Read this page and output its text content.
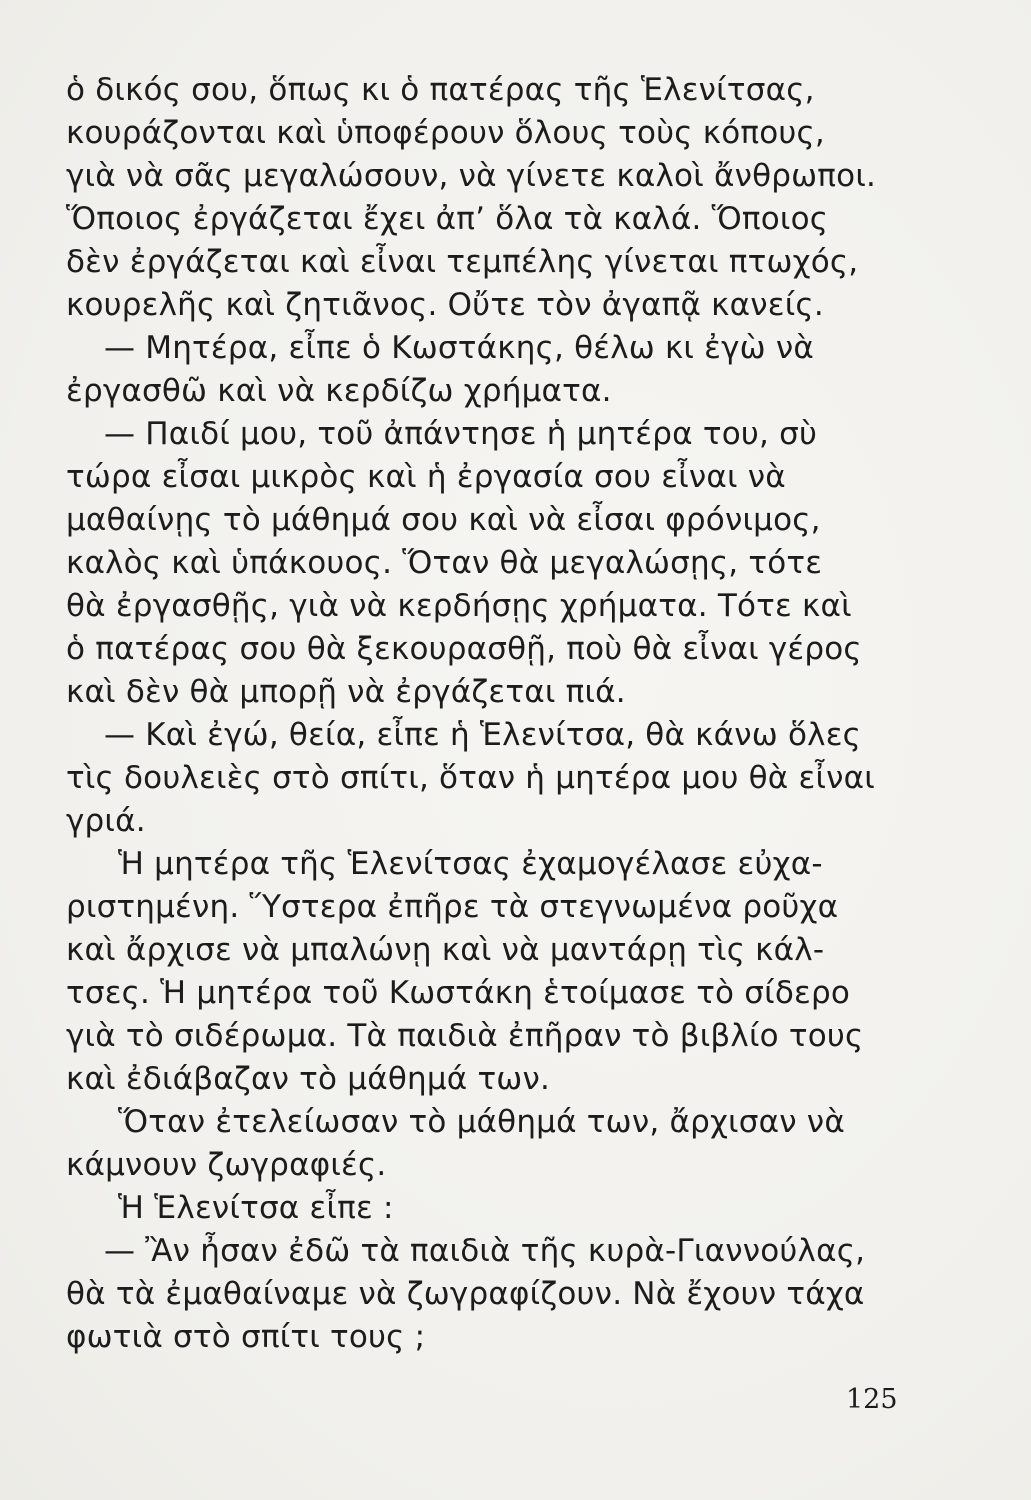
ὁ δικός σου, ὅπως κι ὁ πατέρας τῆς Ἑλενίτσας,
κουράζονται καὶ ὑποφέρουν ὅλους τοὺς κόπους,
γιὰ νὰ σᾶς μεγαλώσουν, νὰ γίνετε καλοὶ ἄνθρωποι.
Ὅποιος ἐργάζεται ἔχει ἀπ’ ὅλα τὰ καλά. Ὅποιος
δὲν ἐργάζεται καὶ εἶναι τεμπέλης γίνεται πτωχός,
κουρελῆς καὶ ζητιᾶνος. Οὔτε τὸν ἀγαπᾷ κανείς.
— Μητέρα, εἶπε ὁ Κωστάκης, θέλω κι ἐγὼ νὰ
ἐργασθῶ καὶ νὰ κερδίζω χρήματα.
— Παιδί μου, τοῦ ἀπάντησε ἡ μητέρα του, σὺ
τώρα εἶσαι μικρὸς καὶ ἡ ἐργασία σου εἶναι νὰ
μαθαίνῃς τὸ μάθημά σου καὶ νὰ εἶσαι φρόνιμος,
καλὸς καὶ ὑπάκουος. Ὅταν θὰ μεγαλώσῃς, τότε
θὰ ἐργασθῇς, γιὰ νὰ κερδήσῃς χρήματα. Τότε καὶ
ὁ πατέρας σου θὰ ξεκουρασθῇ, ποὺ θὰ εἶναι γέρος
καὶ δὲν θὰ μπορῇ νὰ ἐργάζεται πιά.
— Καὶ ἐγώ, θεία, εἶπε ἡ Ἑλενίτσα, θὰ κάνω ὅλες
τὶς δουλειὲς στὸ σπίτι, ὅταν ἡ μητέρα μου θὰ εἶναι
γριά.
Ἡ μητέρα τῆς Ἑλενίτσας ἐχαμογέλασε εὐχα-
ριστημένη. Ὕστερα ἐπῆρε τὰ στεγνωμένα ροῦχα
καὶ ἄρχισε νὰ μπαλώνῃ καὶ νὰ μαντάρῃ τὶς κάλ-
τσες. Ἡ μητέρα τοῦ Κωστάκη ἑτοίμασε τὸ σίδερο
γιὰ τὸ σιδέρωμα. Τὰ παιδιὰ ἐπῆραν τὸ βιβλίο τους
καὶ ἐδιάβαζαν τὸ μάθημά των.
Ὅταν ἐτελείωσαν τὸ μάθημά των, ἄρχισαν νὰ
κάμνουν ζωγραφιές.
Ἡ Ἑλενίτσα εἶπε :
— Ἂν ἦσαν ἐδῶ τὰ παιδιὰ τῆς κυρὰ-Γιαννούλας,
θὰ τὰ ἐμαθαίναμε νὰ ζωγραφίζουν. Νὰ ἔχουν τάχα
φωτιὰ στὸ σπίτι τους ;
125
